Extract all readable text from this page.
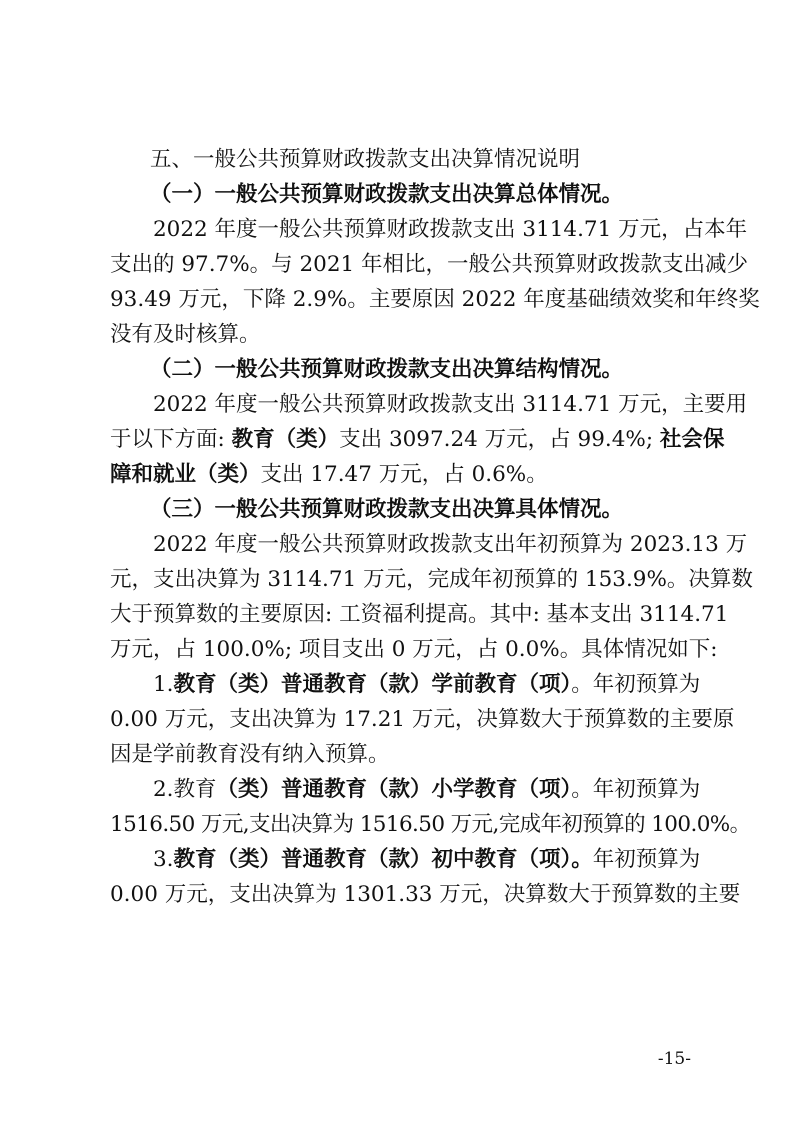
五、一般公共预算财政拨款支出决算情况说明
（一）一般公共预算财政拨款支出决算总体情况。
2022 年度一般公共预算财政拨款支出 3114.71 万元，占本年
支出的 97.7%。与 2021 年相比，一般公共预算财政拨款支出减少
93.49 万元，下降 2.9%。主要原因 2022 年度基础绩效奖和年终奖
没有及时核算。
（二）一般公共预算财政拨款支出决算结构情况。
2022 年度一般公共预算财政拨款支出 3114.71 万元，主要用
于以下方面: 教育（类）支出 3097.24 万元，占 99.4%; 社会保
障和就业（类）支出 17.47 万元，占 0.6%。
（三）一般公共预算财政拨款支出决算具体情况。
2022 年度一般公共预算财政拨款支出年初预算为 2023.13 万
元，支出决算为 3114.71 万元，完成年初预算的 153.9%。决算数
大于预算数的主要原因: 工资福利提高。其中: 基本支出 3114.71
万元，占 100.0%; 项目支出 0 万元，占 0.0%。具体情况如下:
1.教育（类）普通教育（款）学前教育（项）。年初预算为
0.00 万元，支出决算为 17.21 万元，决算数大于预算数的主要原
因是学前教育没有纳入预算。
2.教育（类）普通教育（款）小学教育（项）。年初预算为
1516.50 万元,支出决算为 1516.50 万元,完成年初预算的 100.0%。
3.教育（类）普通教育（款）初中教育（项）。年初预算为
0.00 万元，支出决算为 1301.33 万元，决算数大于预算数的主要
-15-
